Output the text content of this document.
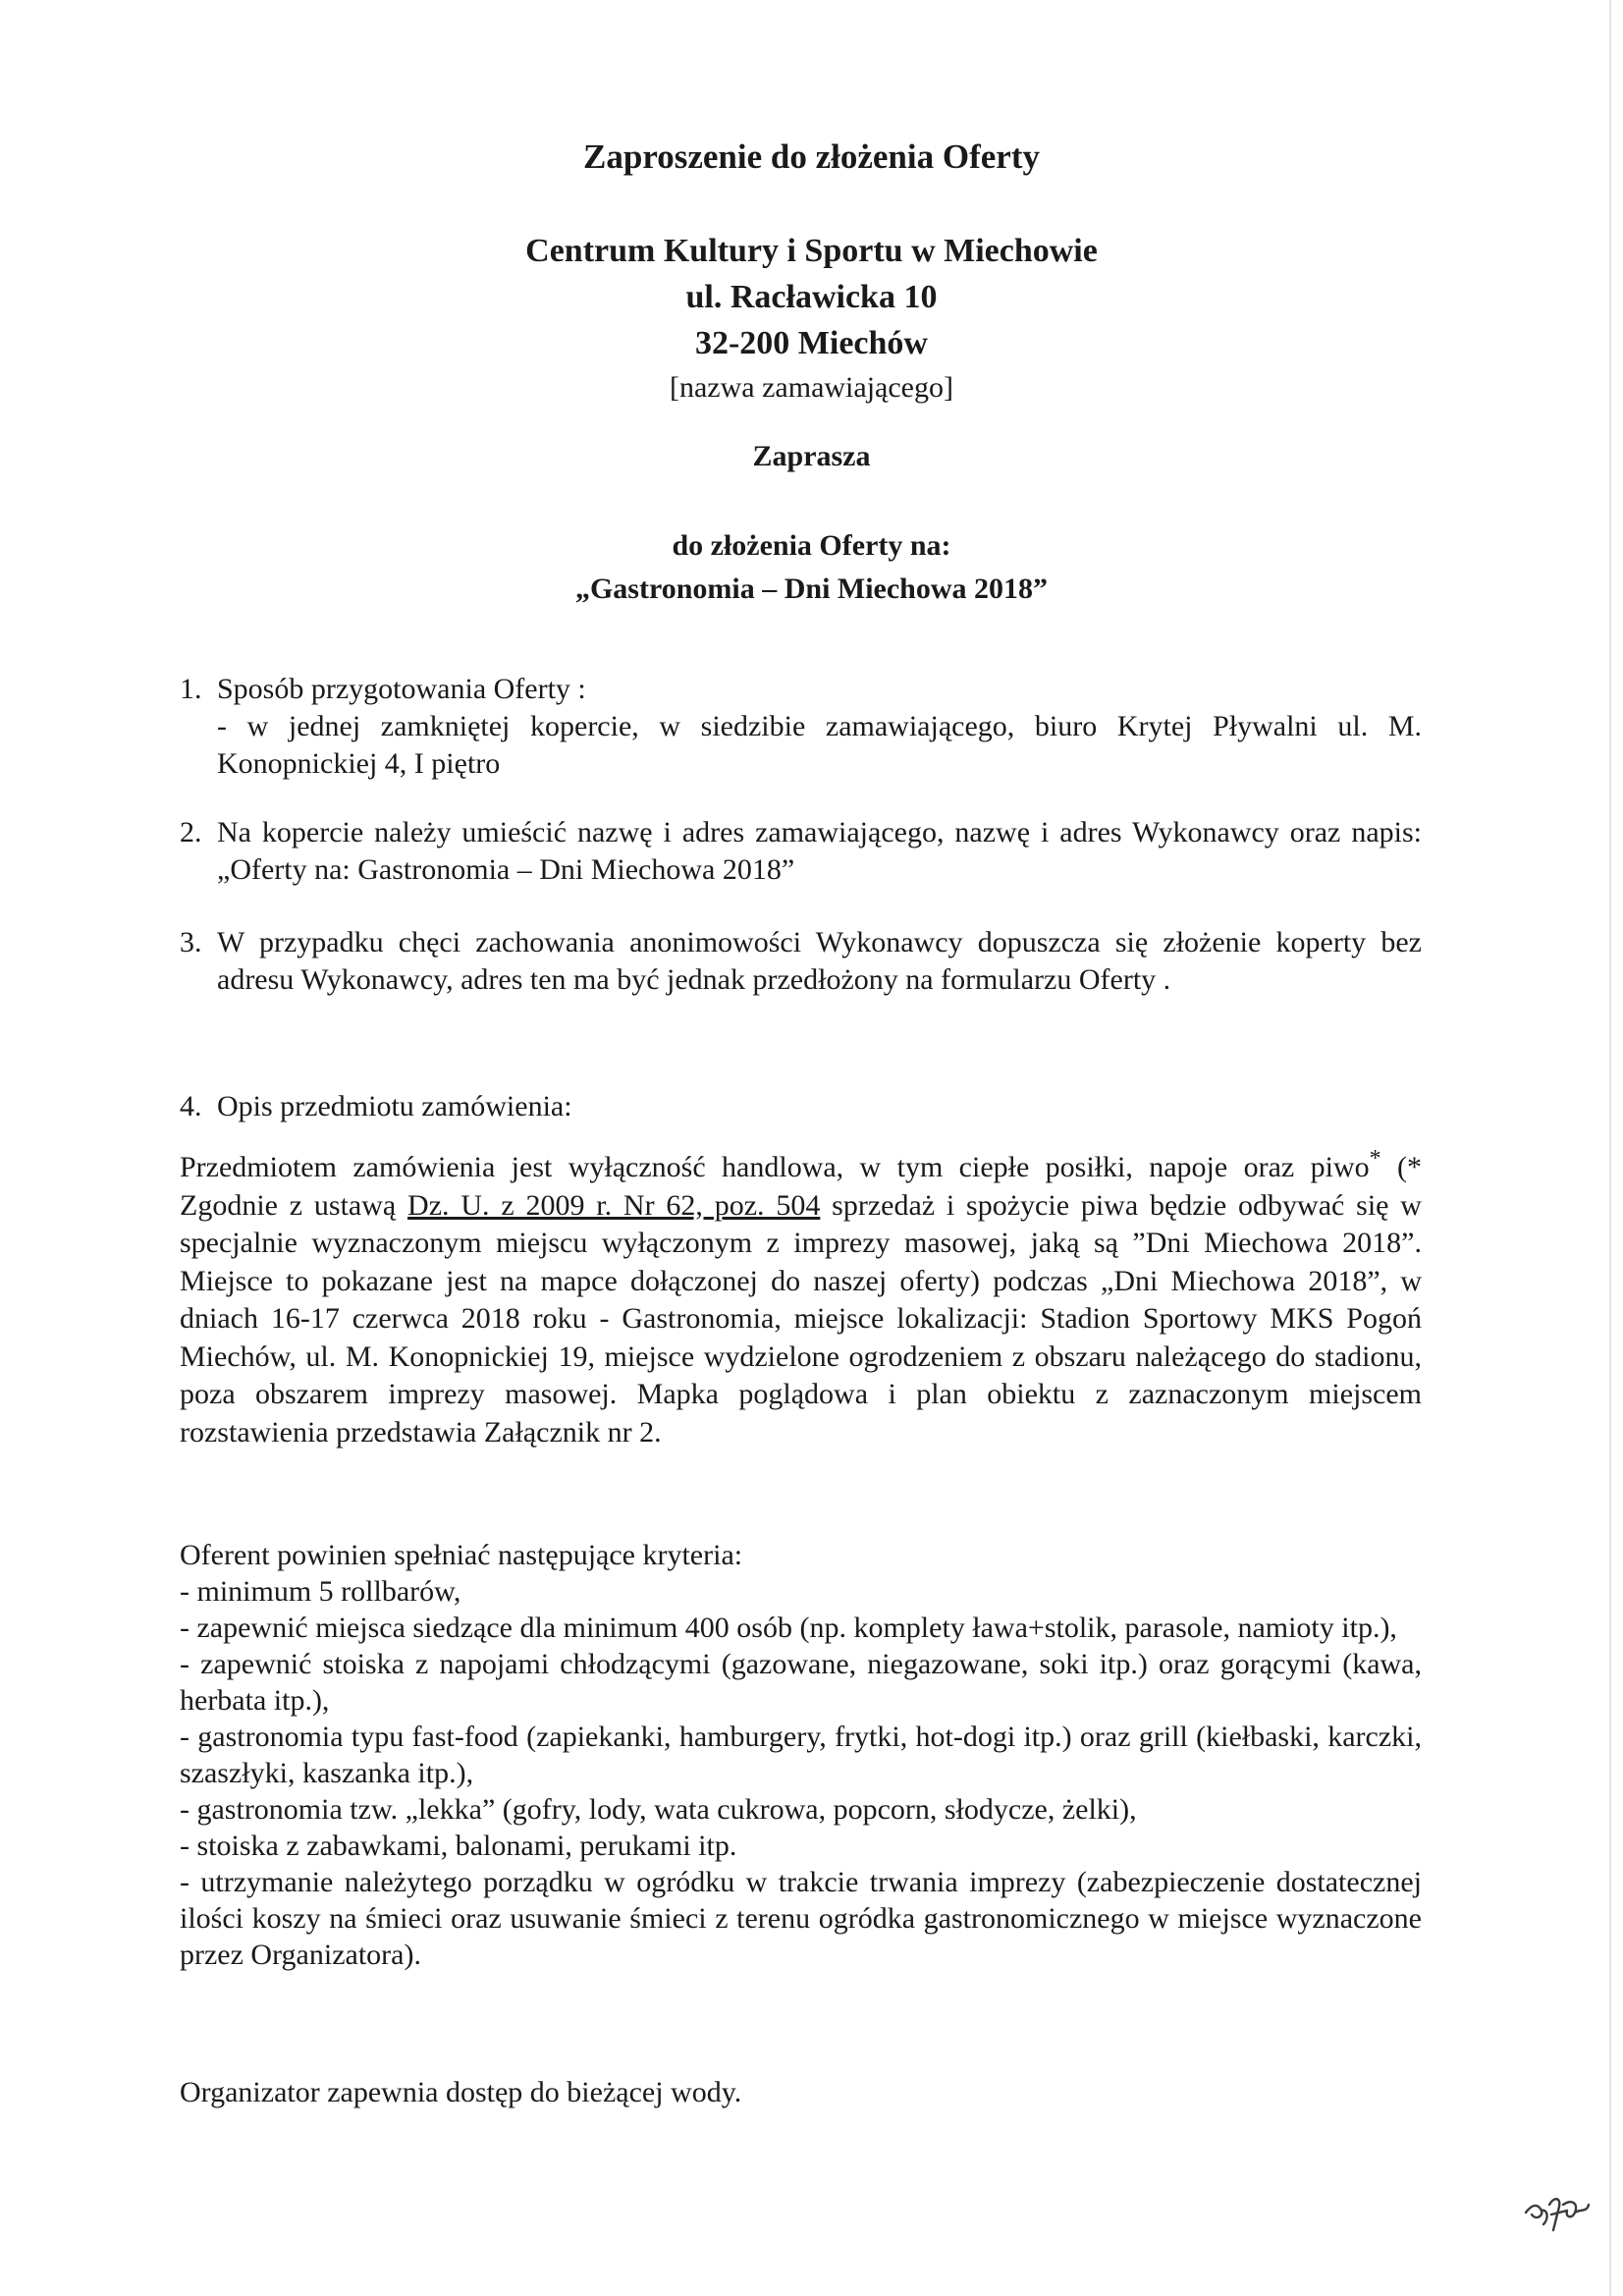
Zaproszenie do złożenia Oferty
Centrum Kultury i Sportu w Miechowie
ul. Racławicka 10
32-200 Miechów
[nazwa zamawiającego]
Zaprasza
do złożenia Oferty na:
„Gastronomia – Dni Miechowa 2018”
1. Sposób przygotowania Oferty :
- w jednej zamkniętej kopercie, w siedzibie zamawiającego, biuro Krytej Pływalni ul. M. Konopnickiej 4, I piętro
2. Na kopercie należy umieścić nazwę i adres zamawiającego, nazwę i adres Wykonawcy oraz napis: „Oferty na: Gastronomia – Dni Miechowa 2018”
3. W przypadku chęci zachowania anonimowości Wykonawcy dopuszcza się złożenie koperty bez adresu Wykonawcy, adres ten ma być jednak przedłożony na formularzu Oferty .
4. Opis przedmiotu zamówienia:
Przedmiotem zamówienia jest wyłączność handlowa, w tym ciepłe posiłki, napoje oraz piwo* (* Zgodnie z ustawą Dz. U. z 2009 r. Nr 62, poz. 504 sprzedaż i spożycie piwa będzie odbywać się w specjalnie wyznaczonym miejscu wyłączonym z imprezy masowej, jaką są ”Dni Miechowa 2018”. Miejsce to pokazane jest na mapce dołączonej do naszej oferty) podczas „Dni Miechowa 2018”, w dniach 16-17 czerwca 2018 roku - Gastronomia, miejsce lokalizacji: Stadion Sportowy MKS Pogoń Miechów, ul. M. Konopnickiej 19, miejsce wydzielone ogrodzeniem z obszaru należącego do stadionu, poza obszarem imprezy masowej. Mapka poglądowa i plan obiektu z zaznaczonym miejscem rozstawienia przedstawia Załącznik nr 2.
Oferent powinien spełniać następujące kryteria:
- minimum 5 rollbarów,
- zapewnić miejsca siedzące dla minimum 400 osób (np. komplety ława+stolik, parasole, namioty itp.),
- zapewnić stoiska z napojami chłodzącymi (gazowane, niegazowane, soki itp.) oraz gorącymi (kawa, herbata itp.),
- gastronomia typu fast-food (zapiekanki, hamburgery, frytki, hot-dogi itp.) oraz grill (kiełbaski, karczki, szaszłyki, kaszanka itp.),
- gastronomia tzw. „lekka” (gofry, lody, wata cukrowa, popcorn, słodycze, żelki),
- stoiska z zabawkami, balonami, perukami itp.
- utrzymanie należytego porządku w ogródku w trakcie trwania imprezy (zabezpieczenie dostatecznej ilości koszy na śmieci oraz usuwanie śmieci z terenu ogródka gastronomicznego w miejsce wyznaczone przez Organizatora).
Organizator zapewnia dostęp do bieżącej wody.
